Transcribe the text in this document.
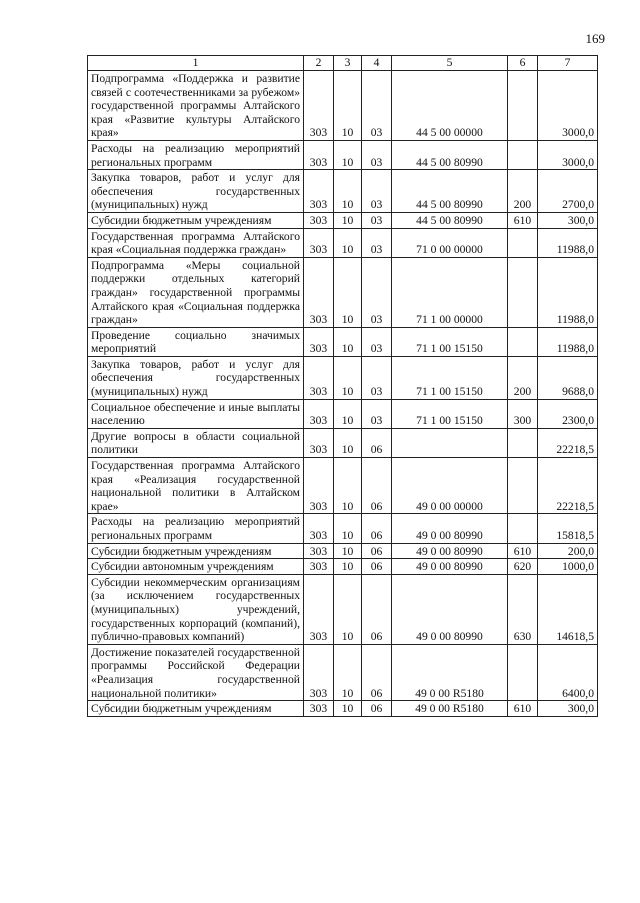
169
1	2	3	4	5	6	7
Подпрограмма «Поддержка и развитие связей с соотечественниками за рубежом» государственной программы Алтайского края «Развитие культуры Алтайского края»	303	10	03	44 5 00 00000		3000,0
Расходы на реализацию мероприятий региональных программ	303	10	03	44 5 00 80990		3000,0
Закупка товаров, работ и услуг для обеспечения государственных (муниципальных) нужд	303	10	03	44 5 00 80990	200	2700,0
Субсидии бюджетным учреждениям	303	10	03	44 5 00 80990	610	300,0
Государственная программа Алтайского края «Социальная поддержка граждан»	303	10	03	71 0 00 00000		11988,0
Подпрограмма «Меры социальной поддержки отдельных категорий граждан» государственной программы Алтайского края «Социальная поддержка граждан»	303	10	03	71 1 00 00000		11988,0
Проведение социально значимых мероприятий	303	10	03	71 1 00 15150		11988,0
Закупка товаров, работ и услуг для обеспечения государственных (муниципальных) нужд	303	10	03	71 1 00 15150	200	9688,0
Социальное обеспечение и иные выплаты населению	303	10	03	71 1 00 15150	300	2300,0
Другие вопросы в области социальной политики	303	10	06			22218,5
Государственная программа Алтайского края «Реализация государственной национальной политики в Алтайском крае»	303	10	06	49 0 00 00000		22218,5
Расходы на реализацию мероприятий региональных программ	303	10	06	49 0 00 80990		15818,5
Субсидии бюджетным учреждениям	303	10	06	49 0 00 80990	610	200,0
Субсидии автономным учреждениям	303	10	06	49 0 00 80990	620	1000,0
Субсидии некоммерческим организациям (за исключением государственных (муниципальных) учреждений, государственных корпораций (компаний), публично-правовых компаний)	303	10	06	49 0 00 80990	630	14618,5
Достижение показателей государственной программы Российской Федерации «Реализация государственной национальной политики»	303	10	06	49 0 00 R5180		6400,0
Субсидии бюджетным учреждениям	303	10	06	49 0 00 R5180	610	300,0
